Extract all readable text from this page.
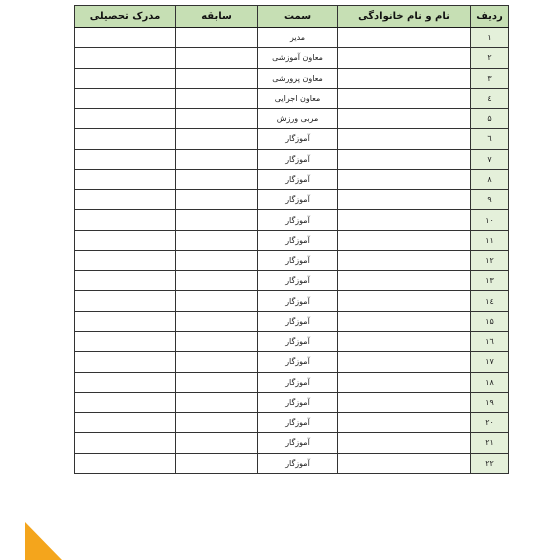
ردیف	نام و نام خانوادگی	سمت	سابقه	مدرک تحصیلی
۱		مدیر		
۲		معاون آموزشی		
۳		معاون پرورشی		
٤		معاون اجرایی		
۵		مربی ورزش		
٦		آموزگار		
۷		آموزگار		
۸		آموزگار		
۹		آموزگار		
۱۰		آموزگار		
۱۱		آموزگار		
۱۲		آموزگار		
۱۳		آموزگار		
١٤		آموزگار		
۱۵		آموزگار		
۱٦		آموزگار		
۱۷		آموزگار		
۱۸		آموزگار		
۱۹		آموزگار		
۲۰		آموزگار		
۲۱		آموزگار		
۲۲		آموزگار		
